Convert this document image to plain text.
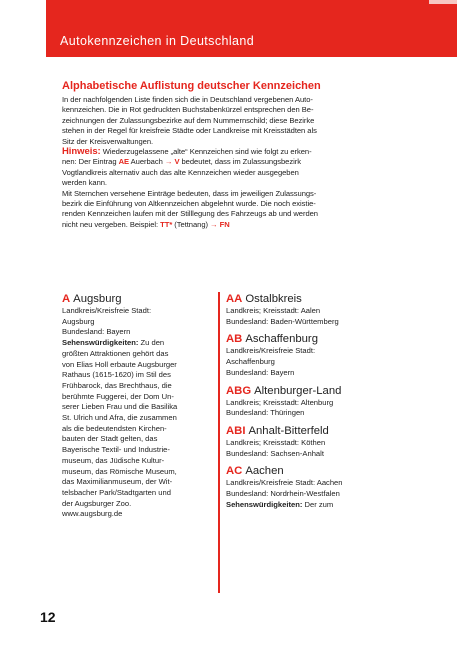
Autokennzeichen in Deutschland
Alphabetische Auflistung deutscher Kennzeichen

In der nachfolgenden Liste finden sich die in Deutschland vergebenen Auto-
kennzeichen. Die in Rot gedruckten Buchstabenkürzel entsprechen den Be-
zeichnungen der Zulassungsbezirke auf dem Nummernschild; diese Bezirke
stehen in der Regel für kreisfreie Städte oder Landkreise mit Kreisstädten als
Sitz der Kreisverwaltungen.

Hinweis: Wiederzugelassene „alte“ Kennzeichen sind wie folgt zu erken-
nen: Der Eintrag AE Auerbach → V bedeutet, dass im Zulassungsbezirk
Vogtlandkreis alternativ auch das alte Kennzeichen wieder ausgegeben
werden kann.

Mit Sternchen versehene Einträge bedeuten, dass im jeweiligen Zulassungs-
bezirk die Einführung von Altkennzeichen abgelehnt wurde. Die noch existie-
renden Kennzeichen laufen mit der Stilllegung des Fahrzeugs ab und werden
nicht neu vergeben. Beispiel: TT* (Tettnang) → FN

A Augsburg
Landkreis/Kreisfreie Stadt:
Augsburg
Bundesland: Bayern
Sehenswürdigkeiten: Zu den
größten Attraktionen gehört das
von Elias Holl erbaute Augsburger
Rathaus (1615-1620) im Stil des
Frühbarock, das Brechthaus, die
berühmte Fuggerei, der Dom Un-
serer Lieben Frau und die Basilika
St. Ulrich und Afra, die zusammen
als die bedeutendsten Kirchen-
bauten der Stadt gelten, das
Bayerische Textil- und Industrie-
museum, das Jüdische Kultur-
museum, das Römische Museum,
das Maximilianmuseum, der Wit-
telsbacher Park/Stadtgarten und
der Augsburger Zoo.
www.augsburg.de
AA Ostalbkreis
Landkreis; Kreisstadt: Aalen
Bundesland: Baden-Württemberg
AB Aschaffenburg
Landkreis/Kreisfreie Stadt:
Aschaffenburg
Bundesland: Bayern
ABG Altenburger-Land
Landkreis; Kreisstadt: Altenburg
Bundesland: Thüringen
ABI Anhalt-Bitterfeld
Landkreis; Kreisstadt: Köthen
Bundesland: Sachsen-Anhalt
AC Aachen
Landkreis/Kreisfreie Stadt: Aachen
Bundesland: Nordrhein-Westfalen
Sehenswürdigkeiten: Der zum
12
